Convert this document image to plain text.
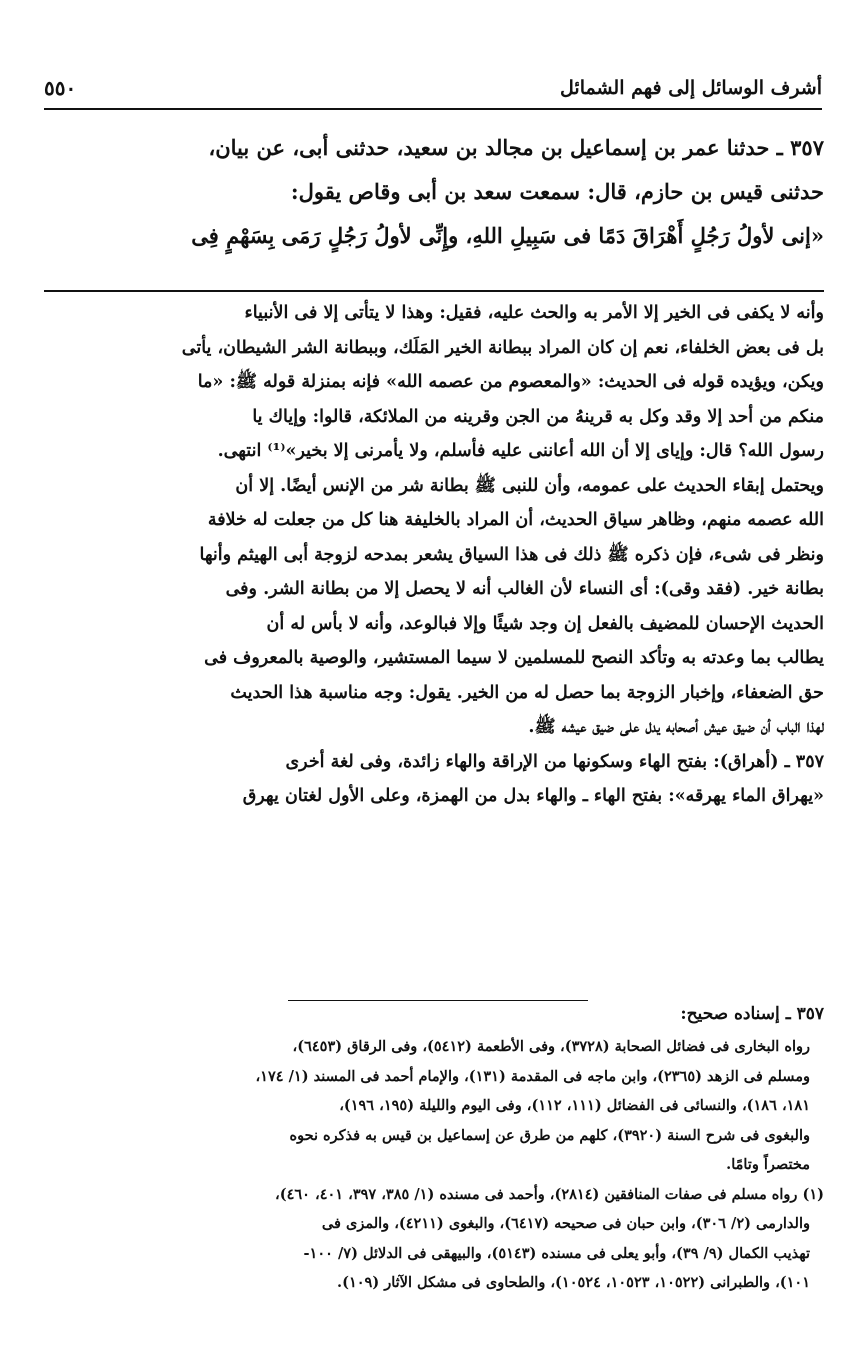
أشرف الوسائل إلى فهم الشمائل
٥٥٠

٣٥٧ ـ حدثنا عمر بن إسماعيل بن مجالد بن سعيد، حدثنى أبى، عن بيان،

حدثنى قيس بن حازم، قال: سمعت سعد بن أبى وقاص يقول:

«إنى لأولُ رَجُلٍ أَهْرَاقَ دَمًا فى سَبِيلِ اللهِ، وإِنِّى لأولُ رَجُلٍ رَمَى بِسَهْمٍ فِى

وأنه لا يكفى فى الخير إلا الأمر به والحث عليه، فقيل: وهذا لا يتأتى إلا فى الأنبياء

بل فى بعض الخلفاء، نعم إن كان المراد ببطانة الخير المَلَك، وببطانة الشر الشيطان، يأتى

ويكن، ويؤيده قوله فى الحديث: «والمعصوم من عصمه الله» فإنه بمنزلة قوله ﷺ: «ما

منكم من أحد إلا وقد وكل به قرينهُ من الجن وقرينه من الملائكة، قالوا: وإياك يا

رسول الله؟ قال: وإياى إلا أن الله أعاننى عليه فأسلم، ولا يأمرنى إلا بخير»⁽¹⁾ انتهى.

ويحتمل إبقاء الحديث على عمومه، وأن للنبى ﷺ بطانة شر من الإنس أيضًا. إلا أن

الله عصمه منهم، وظاهر سياق الحديث، أن المراد بالخليفة هنا كل من جعلت له خلافة

ونظر فى شىء، فإن ذكره ﷺ ذلك فى هذا السياق يشعر بمدحه لزوجة أبى الهيثم وأنها

بطانة خير. (فقد وقى): أى النساء لأن الغالب أنه لا يحصل إلا من بطانة الشر. وفى

الحديث الإحسان للمضيف بالفعل إن وجد شيئًا وإلا فبالوعد، وأنه لا بأس له أن

يطالب بما وعدته به وتأكد النصح للمسلمين لا سيما المستشير، والوصية بالمعروف فى

حق الضعفاء، وإخبار الزوجة بما حصل له من الخير. يقول: وجه مناسبة هذا الحديث

لهذا الباب أن ضيق عيش أصحابه يدل على ضيق عيشه ﷺ.

٣٥٧ ـ (أهراق): بفتح الهاء وسكونها من الإراقة والهاء زائدة، وفى لغة أخرى

«يهراق الماء يهرقه»: بفتح الهاء ـ والهاء بدل من الهمزة، وعلى الأول لغتان يهرق

٣٥٧ ـ إسناده صحيح:

رواه البخارى فى فضائل الصحابة (٣٧٢٨)، وفى الأطعمة (٥٤١٢)، وفى الرقاق (٦٤٥٣)،

ومسلم فى الزهد (٢٣٦٥)، وابن ماجه فى المقدمة (١٣١)، والإمام أحمد فى المسند (١/ ١٧٤،

١٨١، ١٨٦)، والنسائى فى الفضائل (١١١، ١١٢)، وفى اليوم والليلة (١٩٥، ١٩٦)،

والبغوى فى شرح السنة (٣٩٢٠)، كلهم من طرق عن إسماعيل بن قيس به فذكره نحوه

مختصراً وتامًا.

(١) رواه مسلم فى صفات المنافقين (٢٨١٤)، وأحمد فى مسنده (١/ ٣٨٥، ٣٩٧، ٤٠١، ٤٦٠)،

والدارمى (٢/ ٣٠٦)، وابن حبان فى صحيحه (٦٤١٧)، والبغوى (٤٢١١)، والمزى فى

تهذيب الكمال (٩/ ٣٩)، وأبو يعلى فى مسنده (٥١٤٣)، والبيهقى فى الدلائل (٧/ ١٠٠-

١٠١)، والطبرانى (١٠٥٢٢، ١٠٥٢٣، ١٠٥٢٤)، والطحاوى فى مشكل الآثار (١٠٩).
